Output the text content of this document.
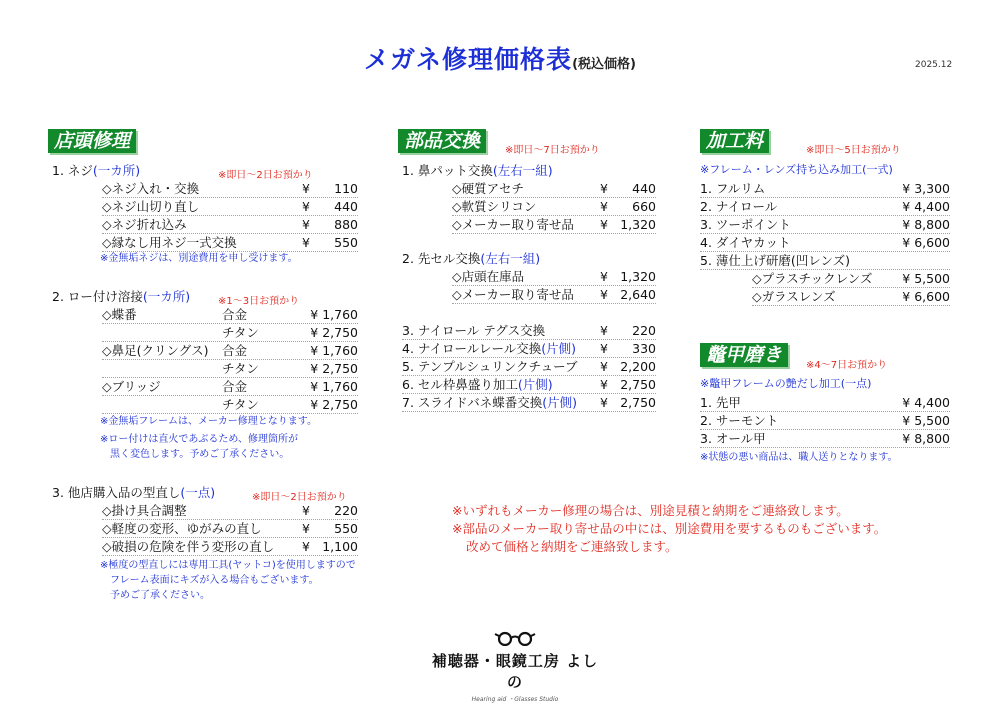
メガネ修理価格表(税込価格)	2025.12
店頭修理
1. ネジ(一カ所)	※即日～2日お預かり
◇ネジ入れ・交換	¥ 110
◇ネジ山切り直し	¥ 440
◇ネジ折れ込み	¥ 880
◇縁なし用ネジ一式交換	¥ 550
※金無垢ネジは、別途費用を申し受けます。
2. ロー付け溶接(一カ所)	※1～3日お預かり
◇蝶番	合金	¥ 1,760
チタン	¥ 2,750
◇鼻足(クリングス) 合金	¥ 1,760
チタン	¥ 2,750
◇ブリッジ	合金	¥ 1,760
チタン	¥ 2,750
※金無垢フレームは、メーカー修理となります。
※ロー付けは直火であぶるため、修理箇所が
黒く変色します。予めご了承ください。
3. 他店購入品の型直し(一点)	※即日～2日お預かり
◇掛け具合調整	¥ 220
◇軽度の変形、ゆがみの直し	¥ 550
◇破損の危険を伴う変形の直し ¥ 1,100
※極度の型直しには専用工具(ヤットコ)を使用しますので
フレーム表面にキズが入る場合もございます。
予めご了承ください。
部品交換	※即日～7日お預かり
1. 鼻パット交換(左右一組)
◇硬質アセチ	¥ 440
◇軟質シリコン	¥ 660
◇メーカー取り寄せ品 ¥ 1,320
2. 先セル交換(左右一組)
◇店頭在庫品	¥ 1,320
◇メーカー取り寄せ品 ¥ 2,640
3. ナイロール テグス交換	¥ 220
4. ナイロールレール交換(片側) ¥ 330
5. テンプルシュリンクチューブ ¥ 2,200
6. セル枠鼻盛り加工(片側)	¥ 2,750
7. スライドバネ蝶番交換(片側) ¥ 2,750
加工料	※即日～5日お預かり
※フレーム・レンズ持ち込み加工(一式)
1. フルリム	¥ 3,300
2. ナイロール	¥ 4,400
3. ツーポイント	¥ 8,800
4. ダイヤカット	¥ 6,600
5. 薄仕上げ研磨(凹レンズ)
◇プラスチックレンズ ¥ 5,500
◇ガラスレンズ	¥ 6,600
鼈甲磨き	※4～7日お預かり
※鼈甲フレームの艶だし加工(一点)
1. 先甲	¥ 4,400
2. サーモント	¥ 5,500
3. オール甲	¥ 8,800
※状態の悪い商品は、職人送りとなります。
※いずれもメーカー修理の場合は、別途見積と納期をご連絡致します。
※部品のメーカー取り寄せ品の中には、別途費用を要するものもございます。
改めて価格と納期をご連絡致します。
補聴器・眼鏡工房 よしの
Hearing aid ・Glasses Studio
